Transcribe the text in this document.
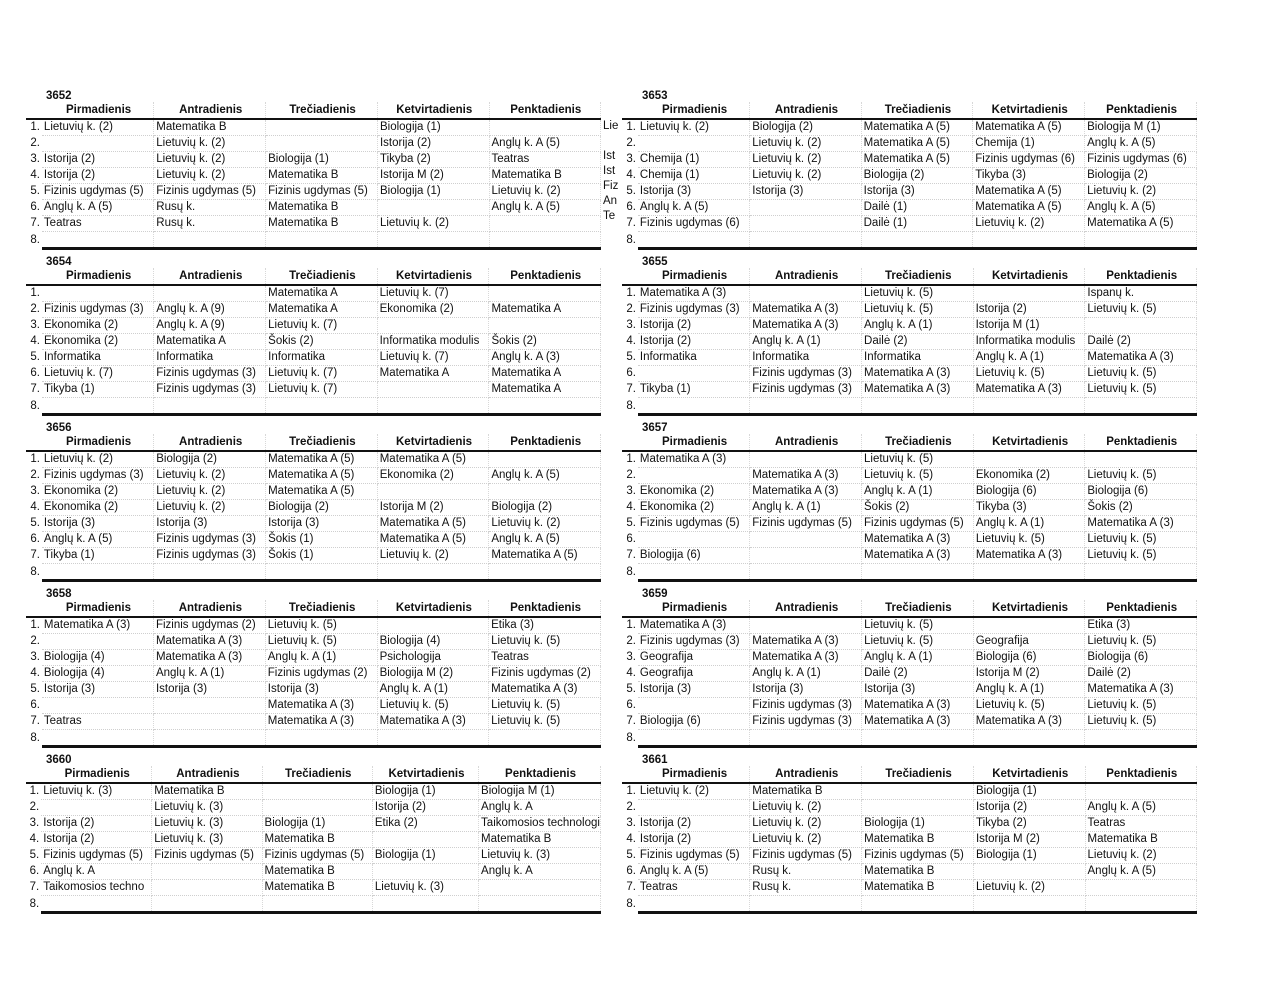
3652
	Pirmadienis	Antradienis	Trečiadienis	Ketvirtadienis	Penktadienis
1.	Lietuvių k. (2)	Matematika B		Biologija (1)	
2.		Lietuvių k. (2)		Istorija (2)	Anglų k. A (5)
3.	Istorija (2)	Lietuvių k. (2)	Biologija (1)	Tikyba (2)	Teatras
4.	Istorija (2)	Lietuvių k. (2)	Matematika B	Istorija M (2)	Matematika B
5.	Fizinis ugdymas (5)	Fizinis ugdymas (5)	Fizinis ugdymas (5)	Biologija (1)	Lietuvių k. (2)
6.	Anglų k. A (5)	Rusų k.	Matematika B		Anglų k. A (5)
7.	Teatras	Rusų k.	Matematika B	Lietuvių k. (2)	
8.					
3653
	Pirmadienis	Antradienis	Trečiadienis	Ketvirtadienis	Penktadienis
1.	Lietuvių k. (2)	Biologija (2)	Matematika A (5)	Matematika A (5)	Biologija M (1)
2.		Lietuvių k. (2)	Matematika A (5)	Chemija (1)	Anglų k. A (5)
3.	Chemija (1)	Lietuvių k. (2)	Matematika A (5)	Fizinis ugdymas (6)	Fizinis ugdymas (6)
4.	Chemija (1)	Lietuvių k. (2)	Biologija (2)	Tikyba (3)	Biologija (2)
5.	Istorija (3)	Istorija (3)	Istorija (3)	Matematika A (5)	Lietuvių k. (2)
6.	Anglų k. A (5)		Dailė (1)	Matematika A (5)	Anglų k. A (5)
7.	Fizinis ugdymas (6)		Dailė (1)	Lietuvių k. (2)	Matematika A (5)
8.					
3654
	Pirmadienis	Antradienis	Trečiadienis	Ketvirtadienis	Penktadienis
1.			Matematika A	Lietuvių k. (7)	
2.	Fizinis ugdymas (3)	Anglų k. A (9)	Matematika A	Ekonomika (2)	Matematika A
3.	Ekonomika (2)	Anglų k. A (9)	Lietuvių k. (7)		
4.	Ekonomika (2)	Matematika A	Šokis (2)	Informatika modulis	Šokis (2)
5.	Informatika	Informatika	Informatika	Lietuvių k. (7)	Anglų k. A (3)
6.	Lietuvių k. (7)	Fizinis ugdymas (3)	Lietuvių k. (7)	Matematika A	Matematika A
7.	Tikyba (1)	Fizinis ugdymas (3)	Lietuvių k. (7)		Matematika A
8.					
3655
	Pirmadienis	Antradienis	Trečiadienis	Ketvirtadienis	Penktadienis
1.	Matematika A (3)		Lietuvių k. (5)		Ispanų k.
2.	Fizinis ugdymas (3)	Matematika A (3)	Lietuvių k. (5)	Istorija (2)	Lietuvių k. (5)
3.	Istorija (2)	Matematika A (3)	Anglų k. A (1)	Istorija M (1)	
4.	Istorija (2)	Anglų k. A (1)	Dailė (2)	Informatika modulis	Dailė (2)
5.	Informatika	Informatika	Informatika	Anglų k. A (1)	Matematika A (3)
6.		Fizinis ugdymas (3)	Matematika A (3)	Lietuvių k. (5)	Lietuvių k. (5)
7.	Tikyba (1)	Fizinis ugdymas (3)	Matematika A (3)	Matematika A (3)	Lietuvių k. (5)
8.					
3656
	Pirmadienis	Antradienis	Trečiadienis	Ketvirtadienis	Penktadienis
1.	Lietuvių k. (2)	Biologija (2)	Matematika A (5)	Matematika A (5)	
2.	Fizinis ugdymas (3)	Lietuvių k. (2)	Matematika A (5)	Ekonomika (2)	Anglų k. A (5)
3.	Ekonomika (2)	Lietuvių k. (2)	Matematika A (5)		
4.	Ekonomika (2)	Lietuvių k. (2)	Biologija (2)	Istorija M (2)	Biologija (2)
5.	Istorija (3)	Istorija (3)	Istorija (3)	Matematika A (5)	Lietuvių k. (2)
6.	Anglų k. A (5)	Fizinis ugdymas (3)	Šokis (1)	Matematika A (5)	Anglų k. A (5)
7.	Tikyba (1)	Fizinis ugdymas (3)	Šokis (1)	Lietuvių k. (2)	Matematika A (5)
8.					
3657
	Pirmadienis	Antradienis	Trečiadienis	Ketvirtadienis	Penktadienis
1.	Matematika A (3)		Lietuvių k. (5)		
2.		Matematika A (3)	Lietuvių k. (5)	Ekonomika (2)	Lietuvių k. (5)
3.	Ekonomika (2)	Matematika A (3)	Anglų k. A (1)	Biologija (6)	Biologija (6)
4.	Ekonomika (2)	Anglų k. A (1)	Šokis (2)	Tikyba (3)	Šokis (2)
5.	Fizinis ugdymas (5)	Fizinis ugdymas (5)	Fizinis ugdymas (5)	Anglų k. A (1)	Matematika A (3)
6.			Matematika A (3)	Lietuvių k. (5)	Lietuvių k. (5)
7.	Biologija (6)		Matematika A (3)	Matematika A (3)	Lietuvių k. (5)
8.					
3658
	Pirmadienis	Antradienis	Trečiadienis	Ketvirtadienis	Penktadienis
1.	Matematika A (3)	Fizinis ugdymas (2)	Lietuvių k. (5)		Etika (3)
2.		Matematika A (3)	Lietuvių k. (5)	Biologija (4)	Lietuvių k. (5)
3.	Biologija (4)	Matematika A (3)	Anglų k. A (1)	Psichologija	Teatras
4.	Biologija (4)	Anglų k. A (1)	Fizinis ugdymas (2)	Biologija M (2)	Fizinis ugdymas (2)
5.	Istorija (3)	Istorija (3)	Istorija (3)	Anglų k. A (1)	Matematika A (3)
6.			Matematika A (3)	Lietuvių k. (5)	Lietuvių k. (5)
7.	Teatras		Matematika A (3)	Matematika A (3)	Lietuvių k. (5)
8.					
3659
	Pirmadienis	Antradienis	Trečiadienis	Ketvirtadienis	Penktadienis
1.	Matematika A (3)		Lietuvių k. (5)		Etika (3)
2.	Fizinis ugdymas (3)	Matematika A (3)	Lietuvių k. (5)	Geografija	Lietuvių k. (5)
3.	Geografija	Matematika A (3)	Anglų k. A (1)	Biologija (6)	Biologija (6)
4.	Geografija	Anglų k. A (1)	Dailė (2)	Istorija M (2)	Dailė (2)
5.	Istorija (3)	Istorija (3)	Istorija (3)	Anglų k. A (1)	Matematika A (3)
6.		Fizinis ugdymas (3)	Matematika A (3)	Lietuvių k. (5)	Lietuvių k. (5)
7.	Biologija (6)	Fizinis ugdymas (3)	Matematika A (3)	Matematika A (3)	Lietuvių k. (5)
8.					
3660
	Pirmadienis	Antradienis	Trečiadienis	Ketvirtadienis	Penktadienis
1.	Lietuvių k. (3)	Matematika B		Biologija (1)	Biologija M (1)
2.		Lietuvių k. (3)		Istorija (2)	Anglų k. A
3.	Istorija (2)	Lietuvių k. (3)	Biologija (1)	Etika (2)	Taikomosios technologi
4.	Istorija (2)	Lietuvių k. (3)	Matematika B		Matematika B
5.	Fizinis ugdymas (5)	Fizinis ugdymas (5)	Fizinis ugdymas (5)	Biologija (1)	Lietuvių k. (3)
6.	Anglų k. A		Matematika B		Anglų k. A
7.	Taikomosios techno		Matematika B	Lietuvių k. (3)	
8.					
3661
	Pirmadienis	Antradienis	Trečiadienis	Ketvirtadienis	Penktadienis
1.	Lietuvių k. (2)	Matematika B		Biologija (1)	
2.		Lietuvių k. (2)		Istorija (2)	Anglų k. A (5)
3.	Istorija (2)	Lietuvių k. (2)	Biologija (1)	Tikyba (2)	Teatras
4.	Istorija (2)	Lietuvių k. (2)	Matematika B	Istorija M (2)	Matematika B
5.	Fizinis ugdymas (5)	Fizinis ugdymas (5)	Fizinis ugdymas (5)	Biologija (1)	Lietuvių k. (2)
6.	Anglų k. A (5)	Rusų k.	Matematika B		Anglų k. A (5)
7.	Teatras	Rusų k.	Matematika B	Lietuvių k. (2)	
8.					
Lie
Ist
Ist
Fiz
An
Te
